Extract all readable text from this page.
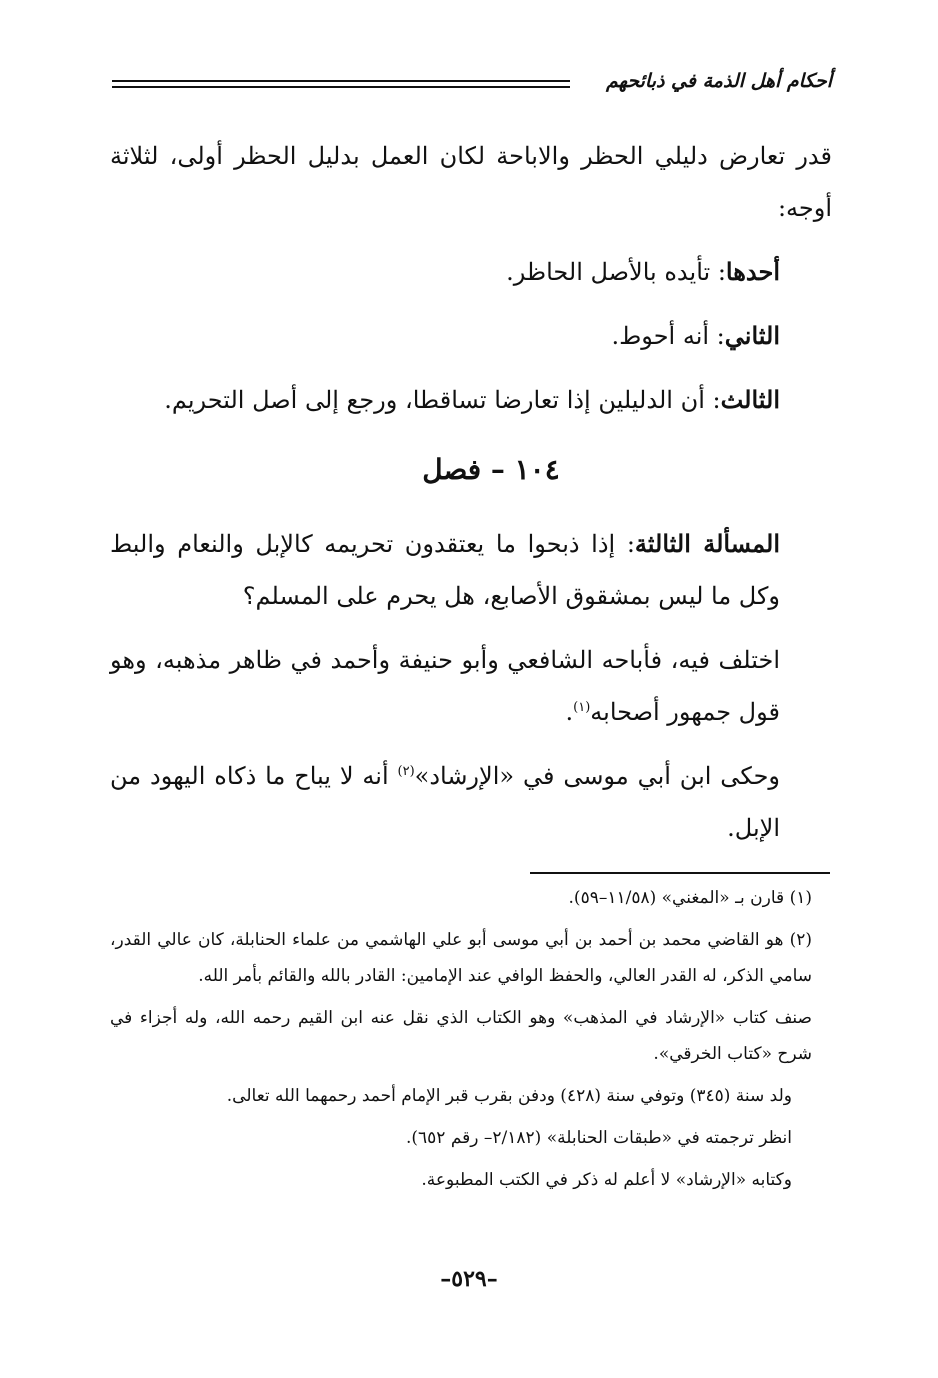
أحكام أهل الذمة في ذبائحهم

قدر تعارض دليلي الحظر والاباحة لكان العمل بدليل الحظر أولى، لثلاثة أوجه:

أحدها: تأيده بالأصل الحاظر.

الثاني: أنه أحوط.

الثالث: أن الدليلين إذا تعارضا تساقطا، ورجع إلى أصل التحريم.

١٠٤ – فصل

المسألة الثالثة: إذا ذبحوا ما يعتقدون تحريمه كالإبل والنعام والبط وكل ما ليس بمشقوق الأصابع، هل يحرم على المسلم؟

اختلف فيه، فأباحه الشافعي وأبو حنيفة وأحمد في ظاهر مذهبه، وهو قول جمهور أصحابه$^{(١)}$.

وحكى ابن أبي موسى في «الإرشاد»$^{(٢)}$ أنه لا يباح ما ذكاه اليهود من الإبل.

(١) قارن بـ «المغني» (١١/٥٨–٥٩).

(٢) هو القاضي محمد بن أحمد بن أبي موسى أبو علي الهاشمي من علماء الحنابلة، كان عالي القدر، سامي الذكر، له القدر العالي، والحفظ الوافي عند الإمامين: القادر بالله والقائم بأمر الله.

صنف كتاب «الإرشاد في المذهب» وهو الكتاب الذي نقل عنه ابن القيم رحمه الله، وله أجزاء في شرح «كتاب الخرقي».

ولد سنة (٣٤٥) وتوفي سنة (٤٢٨) ودفن بقرب قبر الإمام أحمد رحمهما الله تعالى.

انظر ترجمته في «طبقات الحنابلة» (٢/١٨٢– رقم ٦٥٢).

وكتابه «الإرشاد» لا أعلم له ذكر في الكتب المطبوعة.

–٥٢٩–
